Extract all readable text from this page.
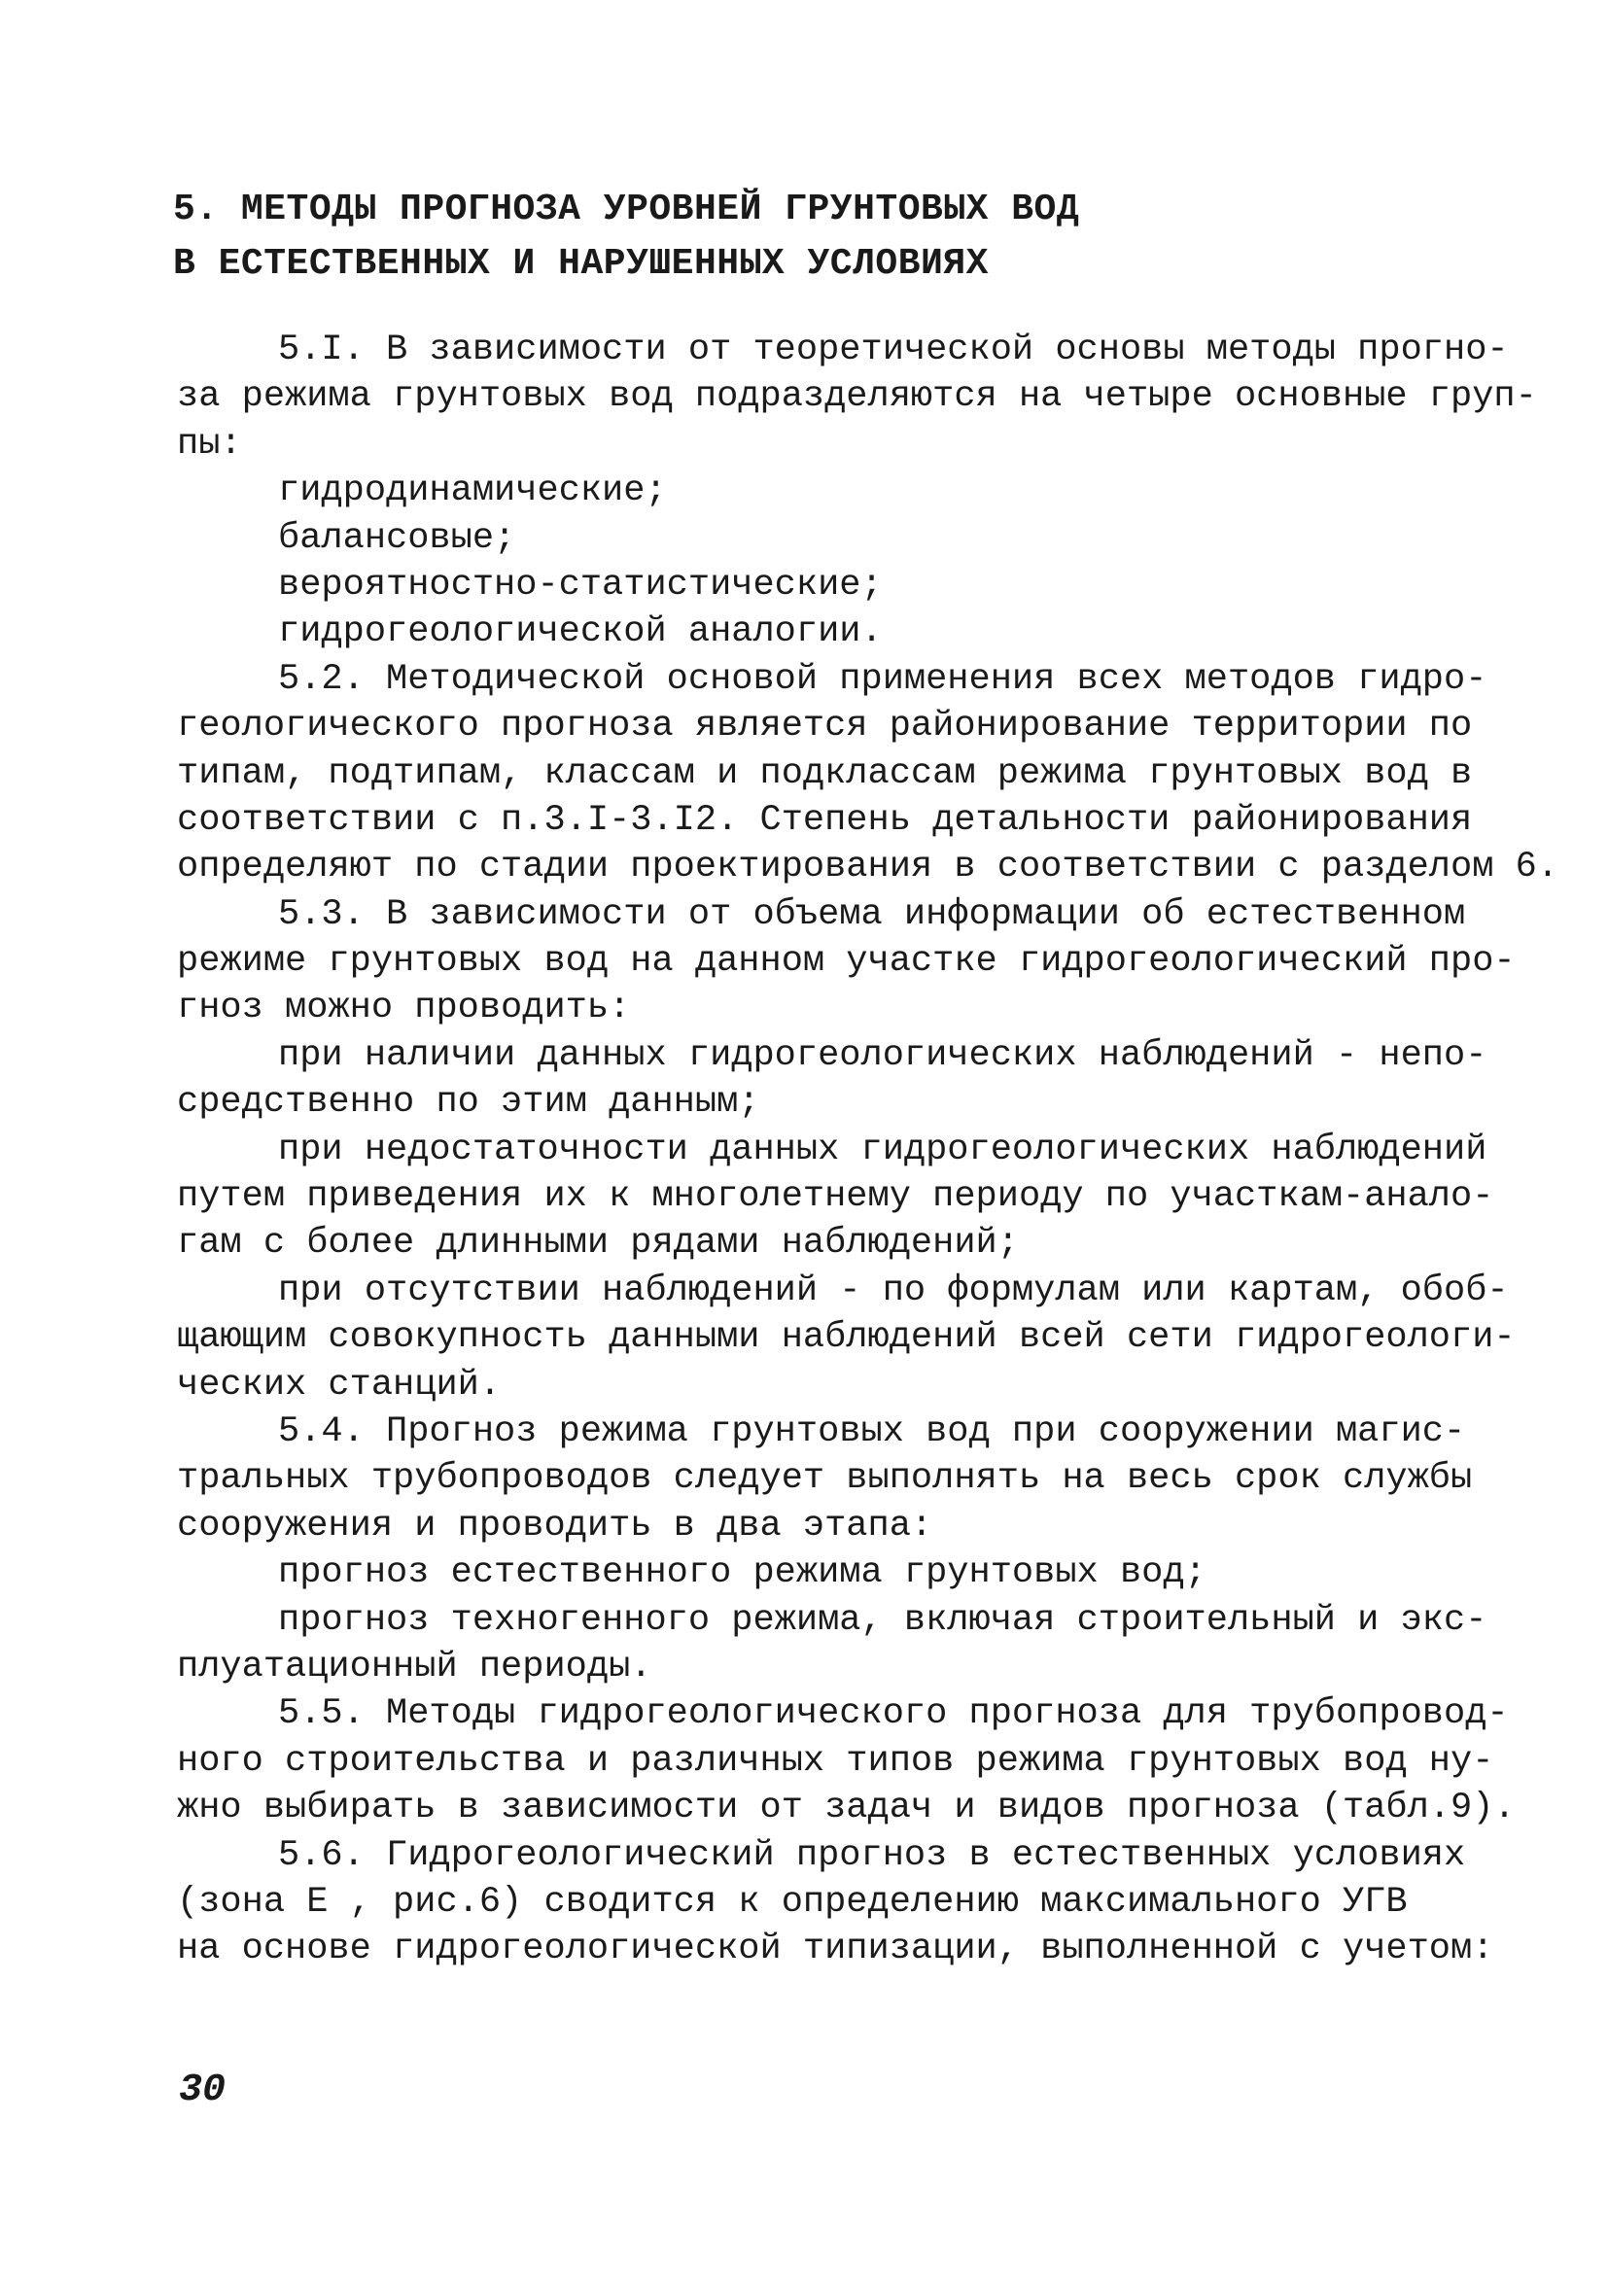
5. МЕТОДЫ ПРОГНОЗА УРОВНЕЙ ГРУНТОВЫХ ВОД
В ЕСТЕСТВЕННЫХ И НАРУШЕННЫХ УСЛОВИЯХ
5.I. В зависимости от теоретической основы методы прогно-
за режима грунтовых вод подразделяются на четыре основные груп-
пы:
гидродинамические;
балансовые;
вероятностно-статистические;
гидрогеологической аналогии.
5.2. Методической основой применения всех методов гидро-
геологического прогноза является районирование территории по
типам, подтипам, классам и подклассам режима грунтовых вод в
соответствии с п.3.I-3.I2. Степень детальности районирования
определяют по стадии проектирования в соответствии с разделом 6.
5.3. В зависимости от объема информации об естественном
режиме грунтовых вод на данном участке гидрогеологический про-
гноз можно проводить:
при наличии данных гидрогеологических наблюдений - непо-
средственно по этим данным;
при недостаточности данных гидрогеологических наблюдений
путем приведения их к многолетнему периоду по участкам-анало-
гам с более длинными рядами наблюдений;
при отсутствии наблюдений - по формулам или картам, обоб-
щающим совокупность данными наблюдений всей сети гидрогеологи-
ческих станций.
5.4. Прогноз режима грунтовых вод при сооружении магис-
тральных трубопроводов следует выполнять на весь срок службы
сооружения и проводить в два этапа:
прогноз естественного режима грунтовых вод;
прогноз техногенного режима, включая строительный и экс-
плуатационный периоды.
5.5. Методы гидрогеологического прогноза для трубопровод-
ного строительства и различных типов режима грунтовых вод ну-
жно выбирать в зависимости от задач и видов прогноза (табл.9).
5.6. Гидрогеологический прогноз в естественных условиях
(зона Е , рис.6) сводится к определению максимального УГВ
на основе гидрогеологической типизации, выполненной с учетом:
30
